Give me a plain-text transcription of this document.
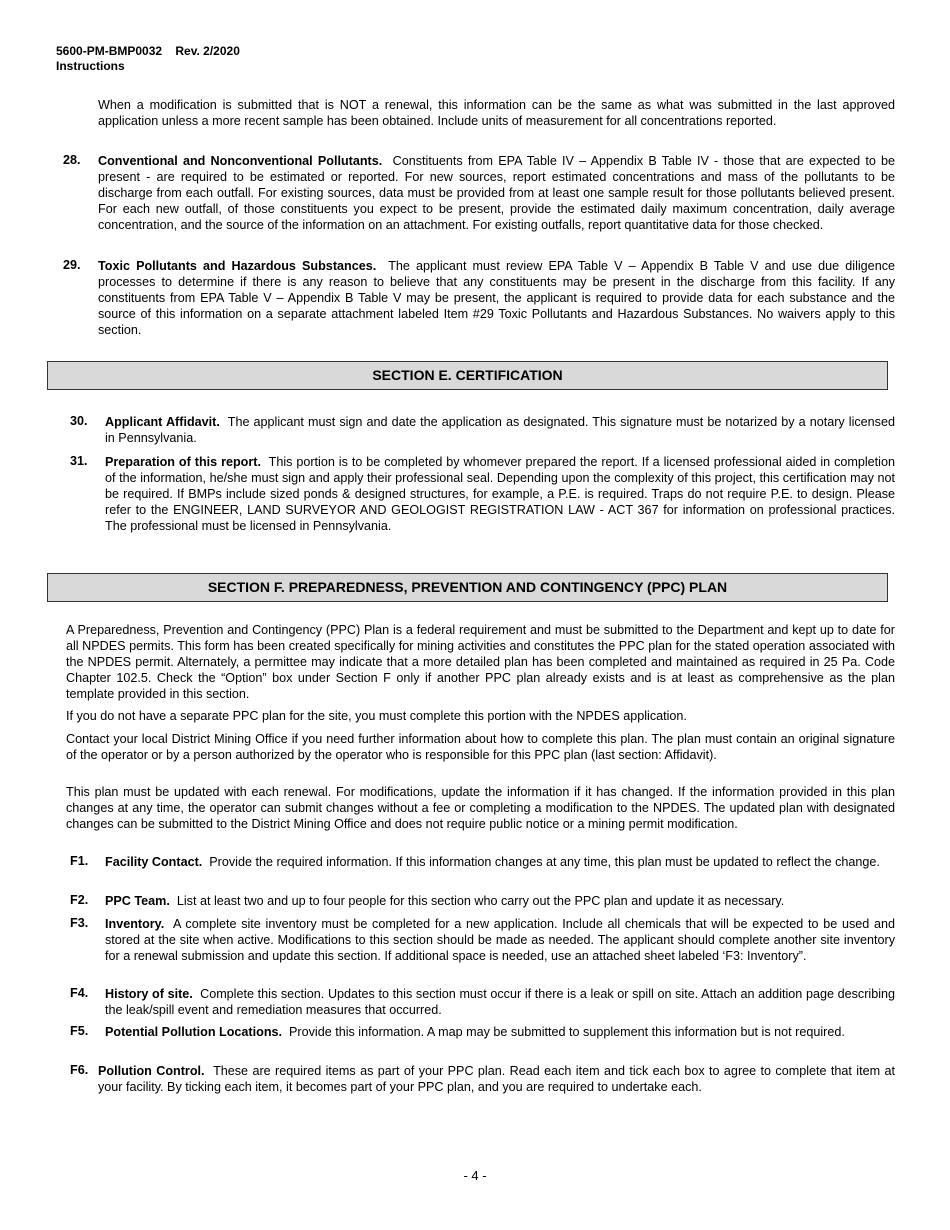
5600-PM-BMP0032    Rev. 2/2020
Instructions
When a modification is submitted that is NOT a renewal, this information can be the same as what was submitted in the last approved application unless a more recent sample has been obtained. Include units of measurement for all concentrations reported.
28. Conventional and Nonconventional Pollutants. Constituents from EPA Table IV – Appendix B Table IV - those that are expected to be present - are required to be estimated or reported. For new sources, report estimated concentrations and mass of the pollutants to be discharge from each outfall. For existing sources, data must be provided from at least one sample result for those pollutants believed present. For each new outfall, of those constituents you expect to be present, provide the estimated daily maximum concentration, daily average concentration, and the source of the information on an attachment. For existing outfalls, report quantitative data for those checked.
29. Toxic Pollutants and Hazardous Substances. The applicant must review EPA Table V – Appendix B Table V and use due diligence processes to determine if there is any reason to believe that any constituents may be present in the discharge from this facility. If any constituents from EPA Table V – Appendix B Table V may be present, the applicant is required to provide data for each substance and the source of this information on a separate attachment labeled Item #29 Toxic Pollutants and Hazardous Substances. No waivers apply to this section.
SECTION E. CERTIFICATION
30. Applicant Affidavit. The applicant must sign and date the application as designated. This signature must be notarized by a notary licensed in Pennsylvania.
31. Preparation of this report. This portion is to be completed by whomever prepared the report. If a licensed professional aided in completion of the information, he/she must sign and apply their professional seal. Depending upon the complexity of this project, this certification may not be required. If BMPs include sized ponds & designed structures, for example, a P.E. is required. Traps do not require P.E. to design. Please refer to the ENGINEER, LAND SURVEYOR AND GEOLOGIST REGISTRATION LAW - ACT 367 for information on professional practices. The professional must be licensed in Pennsylvania.
SECTION F. PREPAREDNESS, PREVENTION AND CONTINGENCY (PPC) PLAN
A Preparedness, Prevention and Contingency (PPC) Plan is a federal requirement and must be submitted to the Department and kept up to date for all NPDES permits. This form has been created specifically for mining activities and constitutes the PPC plan for the stated operation associated with the NPDES permit. Alternately, a permittee may indicate that a more detailed plan has been completed and maintained as required in 25 Pa. Code Chapter 102.5. Check the “Option” box under Section F only if another PPC plan already exists and is at least as comprehensive as the plan template provided in this section.
If you do not have a separate PPC plan for the site, you must complete this portion with the NPDES application.
Contact your local District Mining Office if you need further information about how to complete this plan. The plan must contain an original signature of the operator or by a person authorized by the operator who is responsible for this PPC plan (last section: Affidavit).
This plan must be updated with each renewal. For modifications, update the information if it has changed. If the information provided in this plan changes at any time, the operator can submit changes without a fee or completing a modification to the NPDES. The updated plan with designated changes can be submitted to the District Mining Office and does not require public notice or a mining permit modification.
F1. Facility Contact. Provide the required information. If this information changes at any time, this plan must be updated to reflect the change.
F2. PPC Team. List at least two and up to four people for this section who carry out the PPC plan and update it as necessary.
F3. Inventory. A complete site inventory must be completed for a new application. Include all chemicals that will be expected to be used and stored at the site when active. Modifications to this section should be made as needed. The applicant should complete another site inventory for a renewal submission and update this section. If additional space is needed, use an attached sheet labeled ‘F3: Inventory”.
F4. History of site. Complete this section. Updates to this section must occur if there is a leak or spill on site. Attach an addition page describing the leak/spill event and remediation measures that occurred.
F5. Potential Pollution Locations. Provide this information. A map may be submitted to supplement this information but is not required.
F6. Pollution Control. These are required items as part of your PPC plan. Read each item and tick each box to agree to complete that item at your facility. By ticking each item, it becomes part of your PPC plan, and you are required to undertake each.
- 4 -
